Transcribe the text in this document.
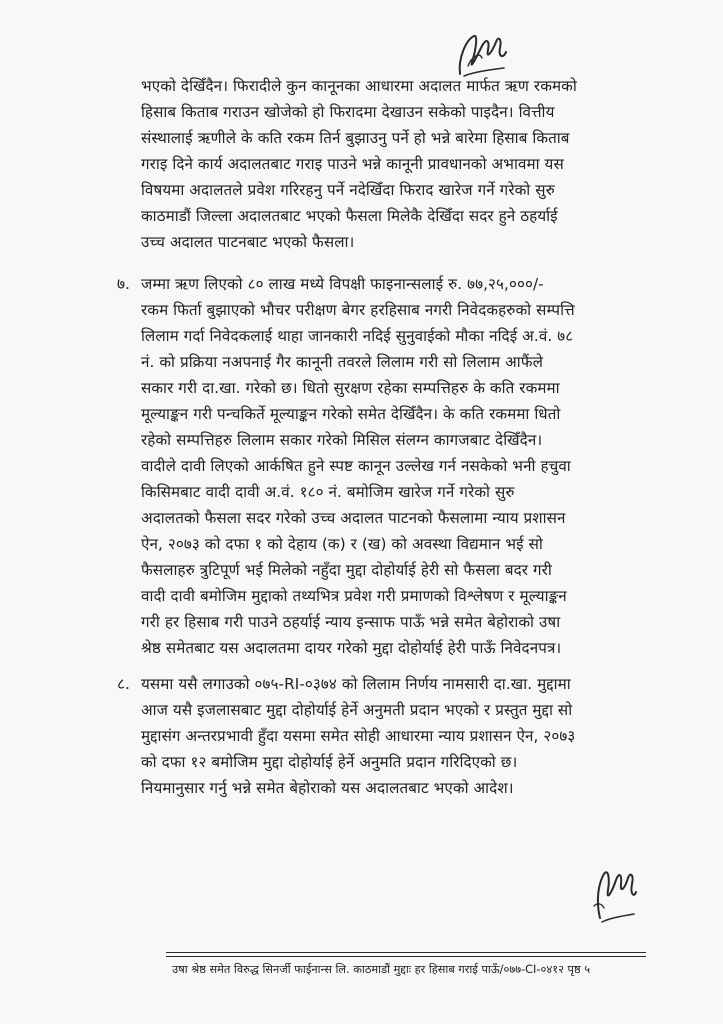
भएको देखिँदैन। फिरादीले कुन कानूनका आधारमा अदालत मार्फत ऋण रकमको
हिसाब किताब गराउन खोजेको हो फिरादमा देखाउन सकेको पाइदैन। वित्तीय
संस्थालाई ऋणीले के कति रकम तिर्न बुझाउनु पर्ने हो भन्ने बारेमा हिसाब किताब
गराइ दिने कार्य अदालतबाट गराइ पाउने भन्ने कानूनी प्रावधानको अभावमा यस
विषयमा अदालतले प्रवेश गरिरहनु पर्ने नदेखिँदा फिराद खारेज गर्ने गरेको सुरु
काठमाडौं जिल्ला अदालतबाट भएको फैसला मिलेकै देखिँदा सदर हुने ठहर्याई
उच्च अदालत पाटनबाट भएको फैसला।
७. जम्मा ऋण लिएको ८० लाख मध्ये विपक्षी फाइनान्सलाई रु. ७७,२५,०००/-
रकम फिर्ता बुझाएको भौचर परीक्षण बेगर हरहिसाब नगरी निवेदकहरुको सम्पत्ति
लिलाम गर्दा निवेदकलाई थाहा जानकारी नदिई सुनुवाईको मौका नदिई अ.वं. ७८
नं. को प्रक्रिया नअपनाई गैर कानूनी तवरले लिलाम गरी सो लिलाम आफैंले
सकार गरी दा.खा. गरेको छ। धितो सुरक्षण रहेका सम्पत्तिहरु के कति रकममा
मूल्याङ्कन गरी पन्चकिर्ते मूल्याङ्कन गरेको समेत देखिँदैन। के कति रकममा धितो
रहेको सम्पत्तिहरु लिलाम सकार गरेको मिसिल संलग्न कागजबाट देखिँदैन।
वादीले दावी लिएको आर्कषित हुने स्पष्ट कानून उल्लेख गर्न नसकेको भनी हचुवा
किसिमबाट वादी दावी अ.वं. १८० नं. बमोजिम खारेज गर्ने गरेको सुरु
अदालतको फैसला सदर गरेको उच्च अदालत पाटनको फैसलामा न्याय प्रशासन
ऐन, २०७३ को दफा १ को देहाय (क) र (ख) को अवस्था विद्यमान भई सो
फैसलाहरु त्रुटिपूर्ण भई मिलेको नहुँदा मुद्दा दोहोर्याई हेरी सो फैसला बदर गरी
वादी दावी बमोजिम मुद्दाको तथ्यभित्र प्रवेश गरी प्रमाणको विश्लेषण र मूल्याङ्कन
गरी हर हिसाब गरी पाउने ठहर्याई न्याय इन्साफ पाऊँ भन्ने समेत बेहोराको उषा
श्रेष्ठ समेतबाट यस अदालतमा दायर गरेको मुद्दा दोहोर्याई हेरी पाऊँ निवेदनपत्र।
८. यसमा यसै लगाउको ०७५-RI-०३७४ को लिलाम निर्णय नामसारी दा.खा. मुद्दामा
आज यसै इजलासबाट मुद्दा दोहोर्याई हेर्ने अनुमती प्रदान भएको र प्रस्तुत मुद्दा सो
मुद्दासंग अन्तरप्रभावी हुँदा यसमा समेत सोही आधारमा न्याय प्रशासन ऐन, २०७३
को दफा १२ बमोजिम मुद्दा दोहोर्याई हेर्ने अनुमति प्रदान गरिदिएको छ।
नियमानुसार गर्नु भन्ने समेत बेहोराको यस अदालतबाट भएको आदेश।
उषा श्रेष्ठ समेत विरुद्ध सिनर्जी फाईनान्स लि. काठमाडौं मुद्दाः हर हिसाब गराई पाऊँ/०७७-CI-०४१२ पृष्ठ ५
